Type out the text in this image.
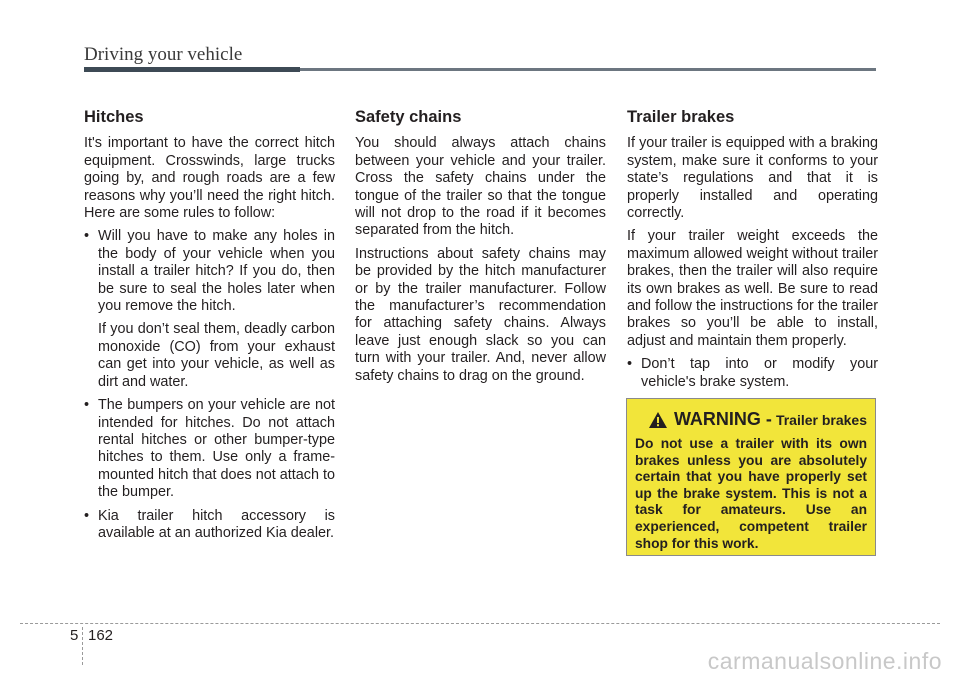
Driving your vehicle
Hitches

It's important to have the correct hitch equipment. Crosswinds, large trucks going by, and rough roads are a few reasons why you’ll need the right hitch. Here are some rules to follow:

• Will you have to make any holes in the body of your vehicle when you install a trailer hitch? If you do, then be sure to seal the holes later when you remove the hitch.

If you don’t seal them, deadly carbon monoxide (CO) from your exhaust can get into your vehicle, as well as dirt and water.

• The bumpers on your vehicle are not intended for hitches. Do not attach rental hitches or other bumper-type hitches to them. Use only a frame-mounted hitch that does not attach to the bumper.
• Kia trailer hitch accessory is available at an authorized Kia dealer.
Safety chains

You should always attach chains between your vehicle and your trailer. Cross the safety chains under the tongue of the trailer so that the tongue will not drop to the road if it becomes separated from the hitch.

Instructions about safety chains may be provided by the hitch manufacturer or by the trailer manufacturer. Follow the manufacturer’s recommendation for attaching safety chains. Always leave just enough slack so you can turn with your trailer. And, never allow safety chains to drag on the ground.

Trailer brakes

If your trailer is equipped with a braking system, make sure it conforms to your state’s regulations and that it is properly installed and operating correctly.

If your trailer weight exceeds the maximum allowed weight without trailer brakes, then the trailer will also require its own brakes as well. Be sure to read and follow the instructions for the trailer brakes so you’ll be able to install, adjust and maintain them properly.

• Don’t tap into or modify your vehicle's brake system.
WARNING - Trailer brakes

Do not use a trailer with its own brakes unless you are absolutely certain that you have properly set up the brake system. This is not a task for amateurs. Use an experienced, competent trailer shop for this work.

5 162
carmanualsonline.info
